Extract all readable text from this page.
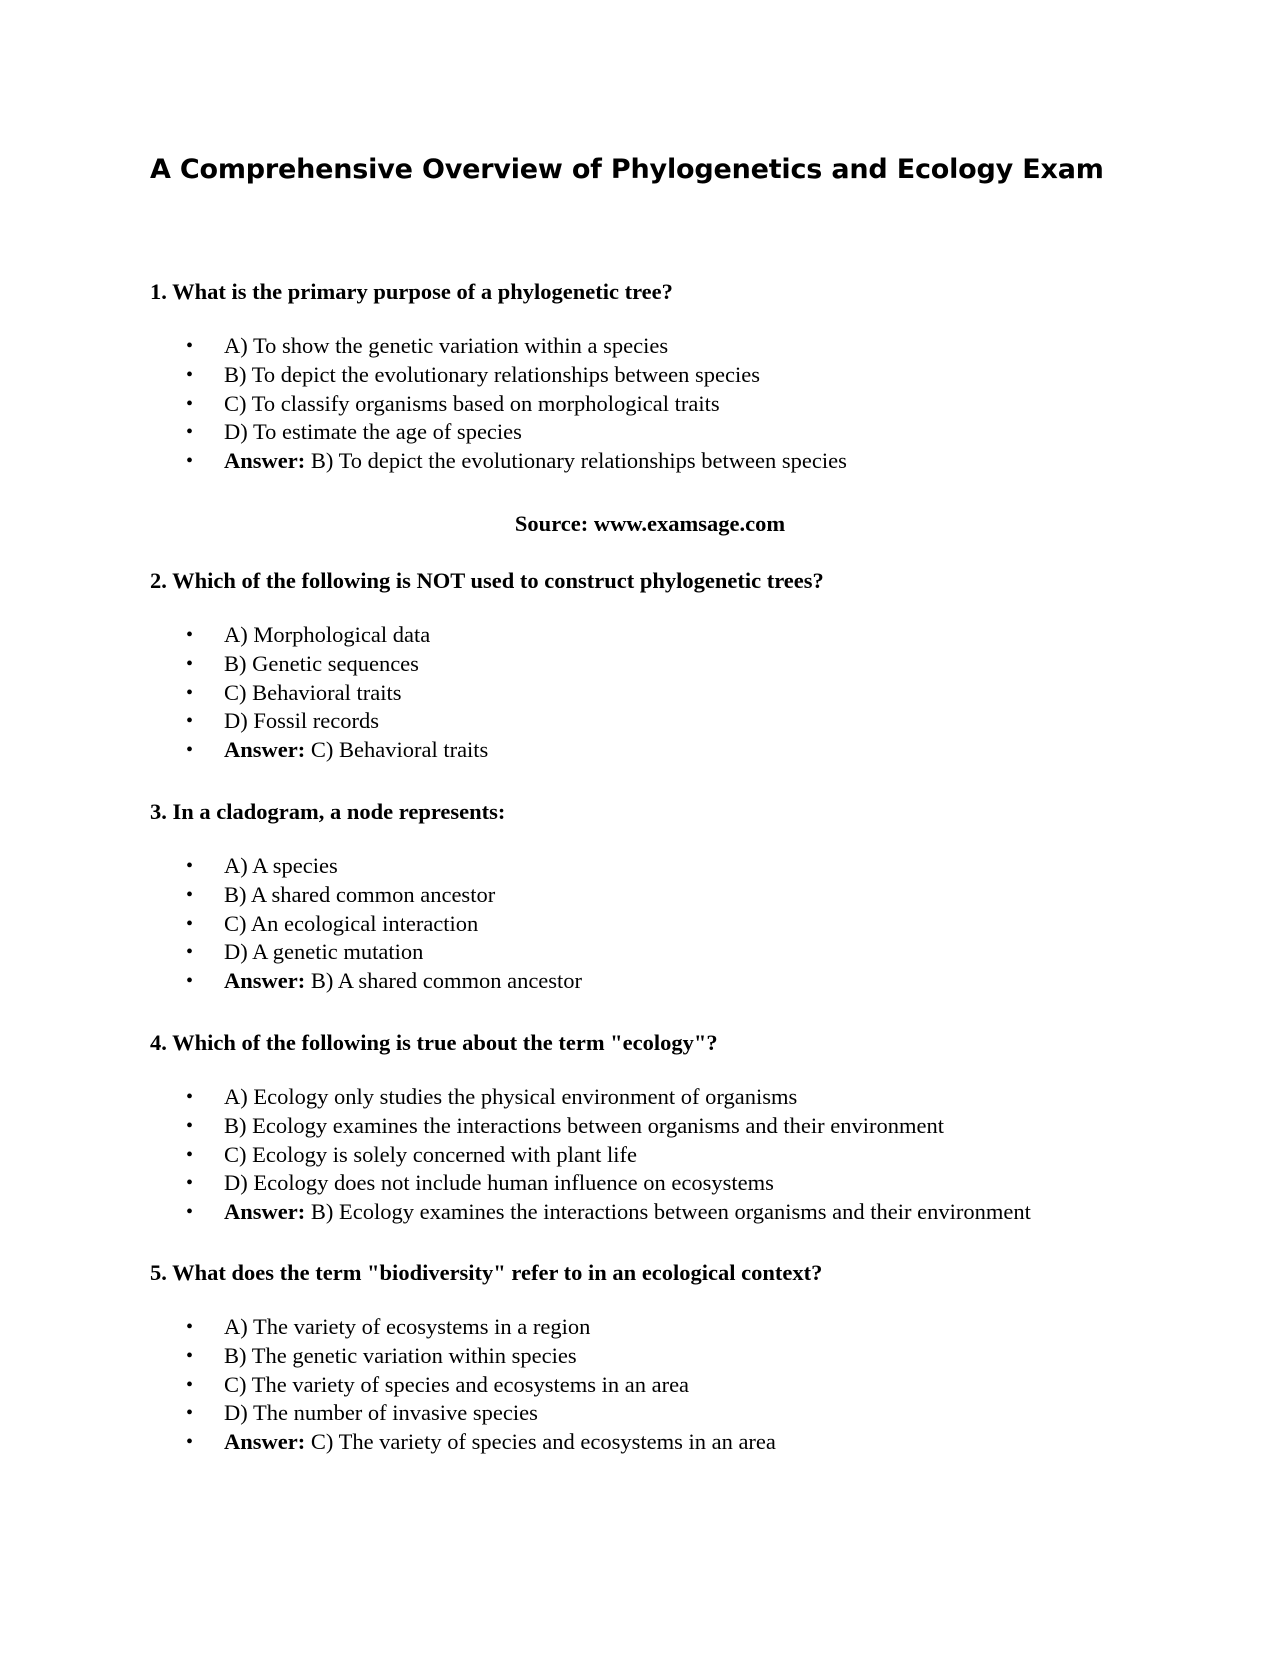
A Comprehensive Overview of Phylogenetics and Ecology Exam

1. What is the primary purpose of a phylogenetic tree?

• A) To show the genetic variation within a species
• B) To depict the evolutionary relationships between species
• C) To classify organisms based on morphological traits
• D) To estimate the age of species
• Answer: B) To depict the evolutionary relationships between species

Source: www.examsage.com

2. Which of the following is NOT used to construct phylogenetic trees?

• A) Morphological data
• B) Genetic sequences
• C) Behavioral traits
• D) Fossil records
• Answer: C) Behavioral traits

3. In a cladogram, a node represents:

• A) A species
• B) A shared common ancestor
• C) An ecological interaction
• D) A genetic mutation
• Answer: B) A shared common ancestor

4. Which of the following is true about the term "ecology"?

• A) Ecology only studies the physical environment of organisms
• B) Ecology examines the interactions between organisms and their environment
• C) Ecology is solely concerned with plant life
• D) Ecology does not include human influence on ecosystems
• Answer: B) Ecology examines the interactions between organisms and their environment

5. What does the term "biodiversity" refer to in an ecological context?

• A) The variety of ecosystems in a region
• B) The genetic variation within species
• C) The variety of species and ecosystems in an area
• D) The number of invasive species
• Answer: C) The variety of species and ecosystems in an area
